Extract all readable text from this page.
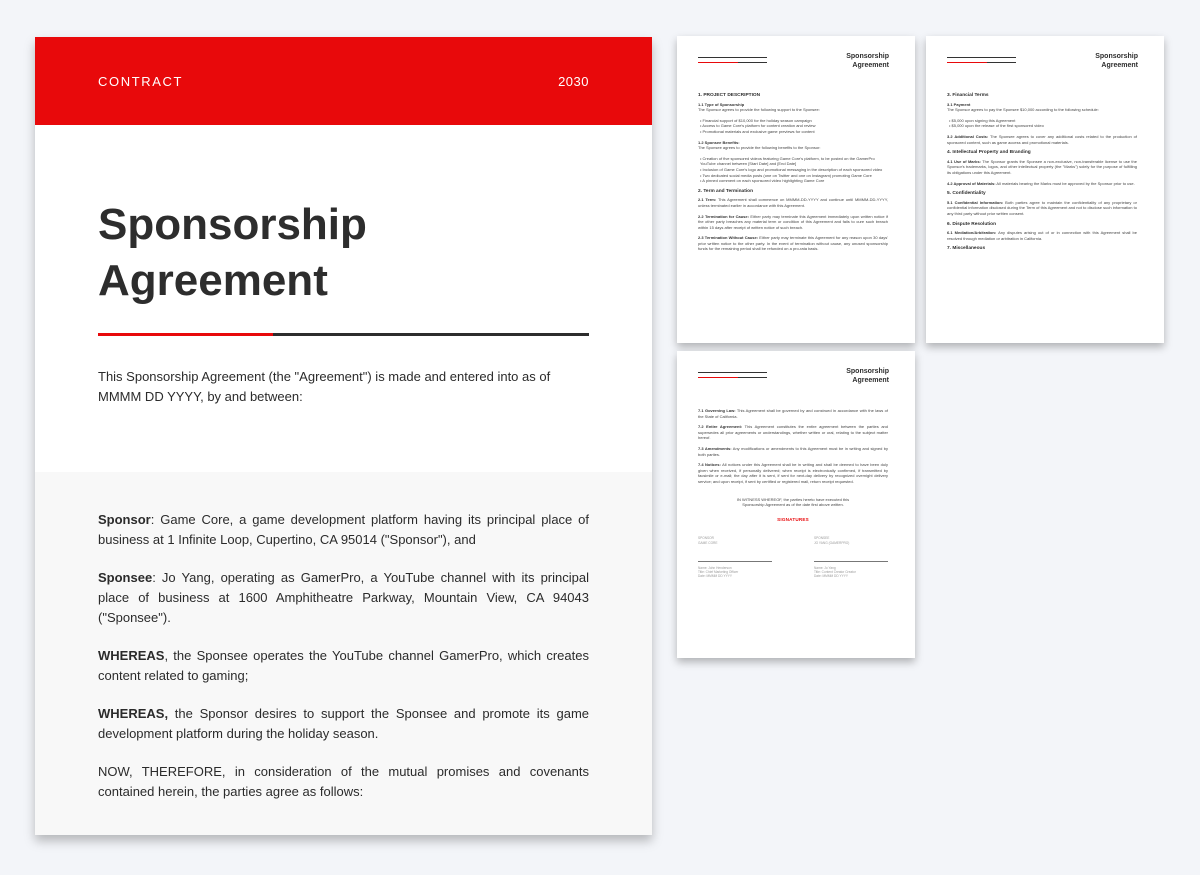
CONTRACT	2030
Sponsorship
Agreement

This Sponsorship Agreement (the "Agreement") is made and entered into as of MMMM DD YYYY, by and between:

Sponsor: Game Core, a game development platform having its principal place of business at 1 Infinite Loop, Cupertino, CA 95014 ("Sponsor"), and

Sponsee: Jo Yang, operating as GamerPro, a YouTube channel with its principal place of business at 1600 Amphitheatre Parkway, Mountain View, CA 94043 ("Sponsee").

WHEREAS, the Sponsee operates the YouTube channel GamerPro, which creates content related to gaming;

WHEREAS, the Sponsor desires to support the Sponsee and promote its game development platform during the holiday season.

NOW, THEREFORE, in consideration of the mutual promises and covenants contained herein, the parties agree as follows:

Sponsorship
Agreement
1. PROJECT DESCRIPTION
1.1 Type of Sponsorship
The Sponsor agrees to provide the following support to the Sponsee:
• Financial support of $10,000 for the holiday season campaign
• Access to Game Core's platform for content creation and review
• Promotional materials and exclusive game previews for content
1.2 Sponsee Benefits:
The Sponsee agrees to provide the following benefits to the Sponsor:
• Creation of five sponsored videos featuring Game Core's platform, to be posted on the GamerPro YouTube channel between [Start Date] and [End Date]
• Inclusion of Game Core's logo and promotional messaging in the description of each sponsored video
• Two dedicated social media posts (one on Twitter and one on Instagram) promoting Game Core
• A pinned comment on each sponsored video highlighting Game Core
2. Term and Termination
2.1 Term: This Agreement shall commence on MMMM-DD-YYYY and continue until MMMM-DD-YYYY, unless terminated earlier in accordance with this Agreement.
2.2 Termination for Cause: Either party may terminate this Agreement immediately upon written notice if the other party breaches any material term or condition of this Agreement and fails to cure such breach within 15 days after receipt of written notice of such breach.
2.3 Termination Without Cause: Either party may terminate this Agreement for any reason upon 30 days' prior written notice to the other party. In the event of termination without cause, any unused sponsorship funds for the remaining period shall be refunded on a pro-rata basis.
Sponsorship
Agreement
3. Financial Terms
3.1 Payment
The Sponsor agrees to pay the Sponsee $10,000 according to the following schedule:
• $5,000 upon signing this Agreement
• $5,000 upon the release of the first sponsored video
3.2 Additional Costs: The Sponsee agrees to cover any additional costs related to the production of sponsored content, such as game access and promotional materials.
4. Intellectual Property and Branding
4.1 Use of Marks: The Sponsor grants the Sponsee a non-exclusive, non-transferable license to use the Sponsor's trademarks, logos, and other intellectual property (the "Marks") solely for the purpose of fulfilling its obligations under this Agreement.
4.2 Approval of Materials: All materials bearing the Marks must be approved by the Sponsor prior to use.
5. Confidentiality
5.1 Confidential Information: Both parties agree to maintain the confidentiality of any proprietary or confidential information disclosed during the Term of this Agreement and not to disclose such information to any third party without prior written consent.
6. Dispute Resolution
6.1 Mediation/Arbitration: Any disputes arising out of or in connection with this Agreement shall be resolved through mediation or arbitration in California.
7. Miscellaneous
Sponsorship
Agreement
7.1 Governing Law: This Agreement shall be governed by and construed in accordance with the laws of the State of California.
7.2 Entire Agreement: This Agreement constitutes the entire agreement between the parties and supersedes all prior agreements or understandings, whether written or oral, relating to the subject matter hereof.
7.3 Amendments: Any modifications or amendments to this Agreement must be in writing and signed by both parties.
7.4 Notices: All notices under this Agreement shall be in writing and shall be deemed to have been duly given when received, if personally delivered; when receipt is electronically confirmed, if transmitted by facsimile or e-mail; the day after it is sent, if sent for next-day delivery by recognized overnight delivery service; and upon receipt, if sent by certified or registered mail, return receipt requested.
IN WITNESS WHEREOF, the parties hereto have executed this Sponsorship Agreement as of the date first above written.
SIGNATURES
SPONSOR
GAME CORE
Name: John Henderson
Title: Chief Marketing Officer
Date: MMMM DD YYYY
SPONSEE
JO YANG (GAMERPRO)
Name: Jo Yang
Title: Content Creator Creator
Date: MMMM DD YYYY
